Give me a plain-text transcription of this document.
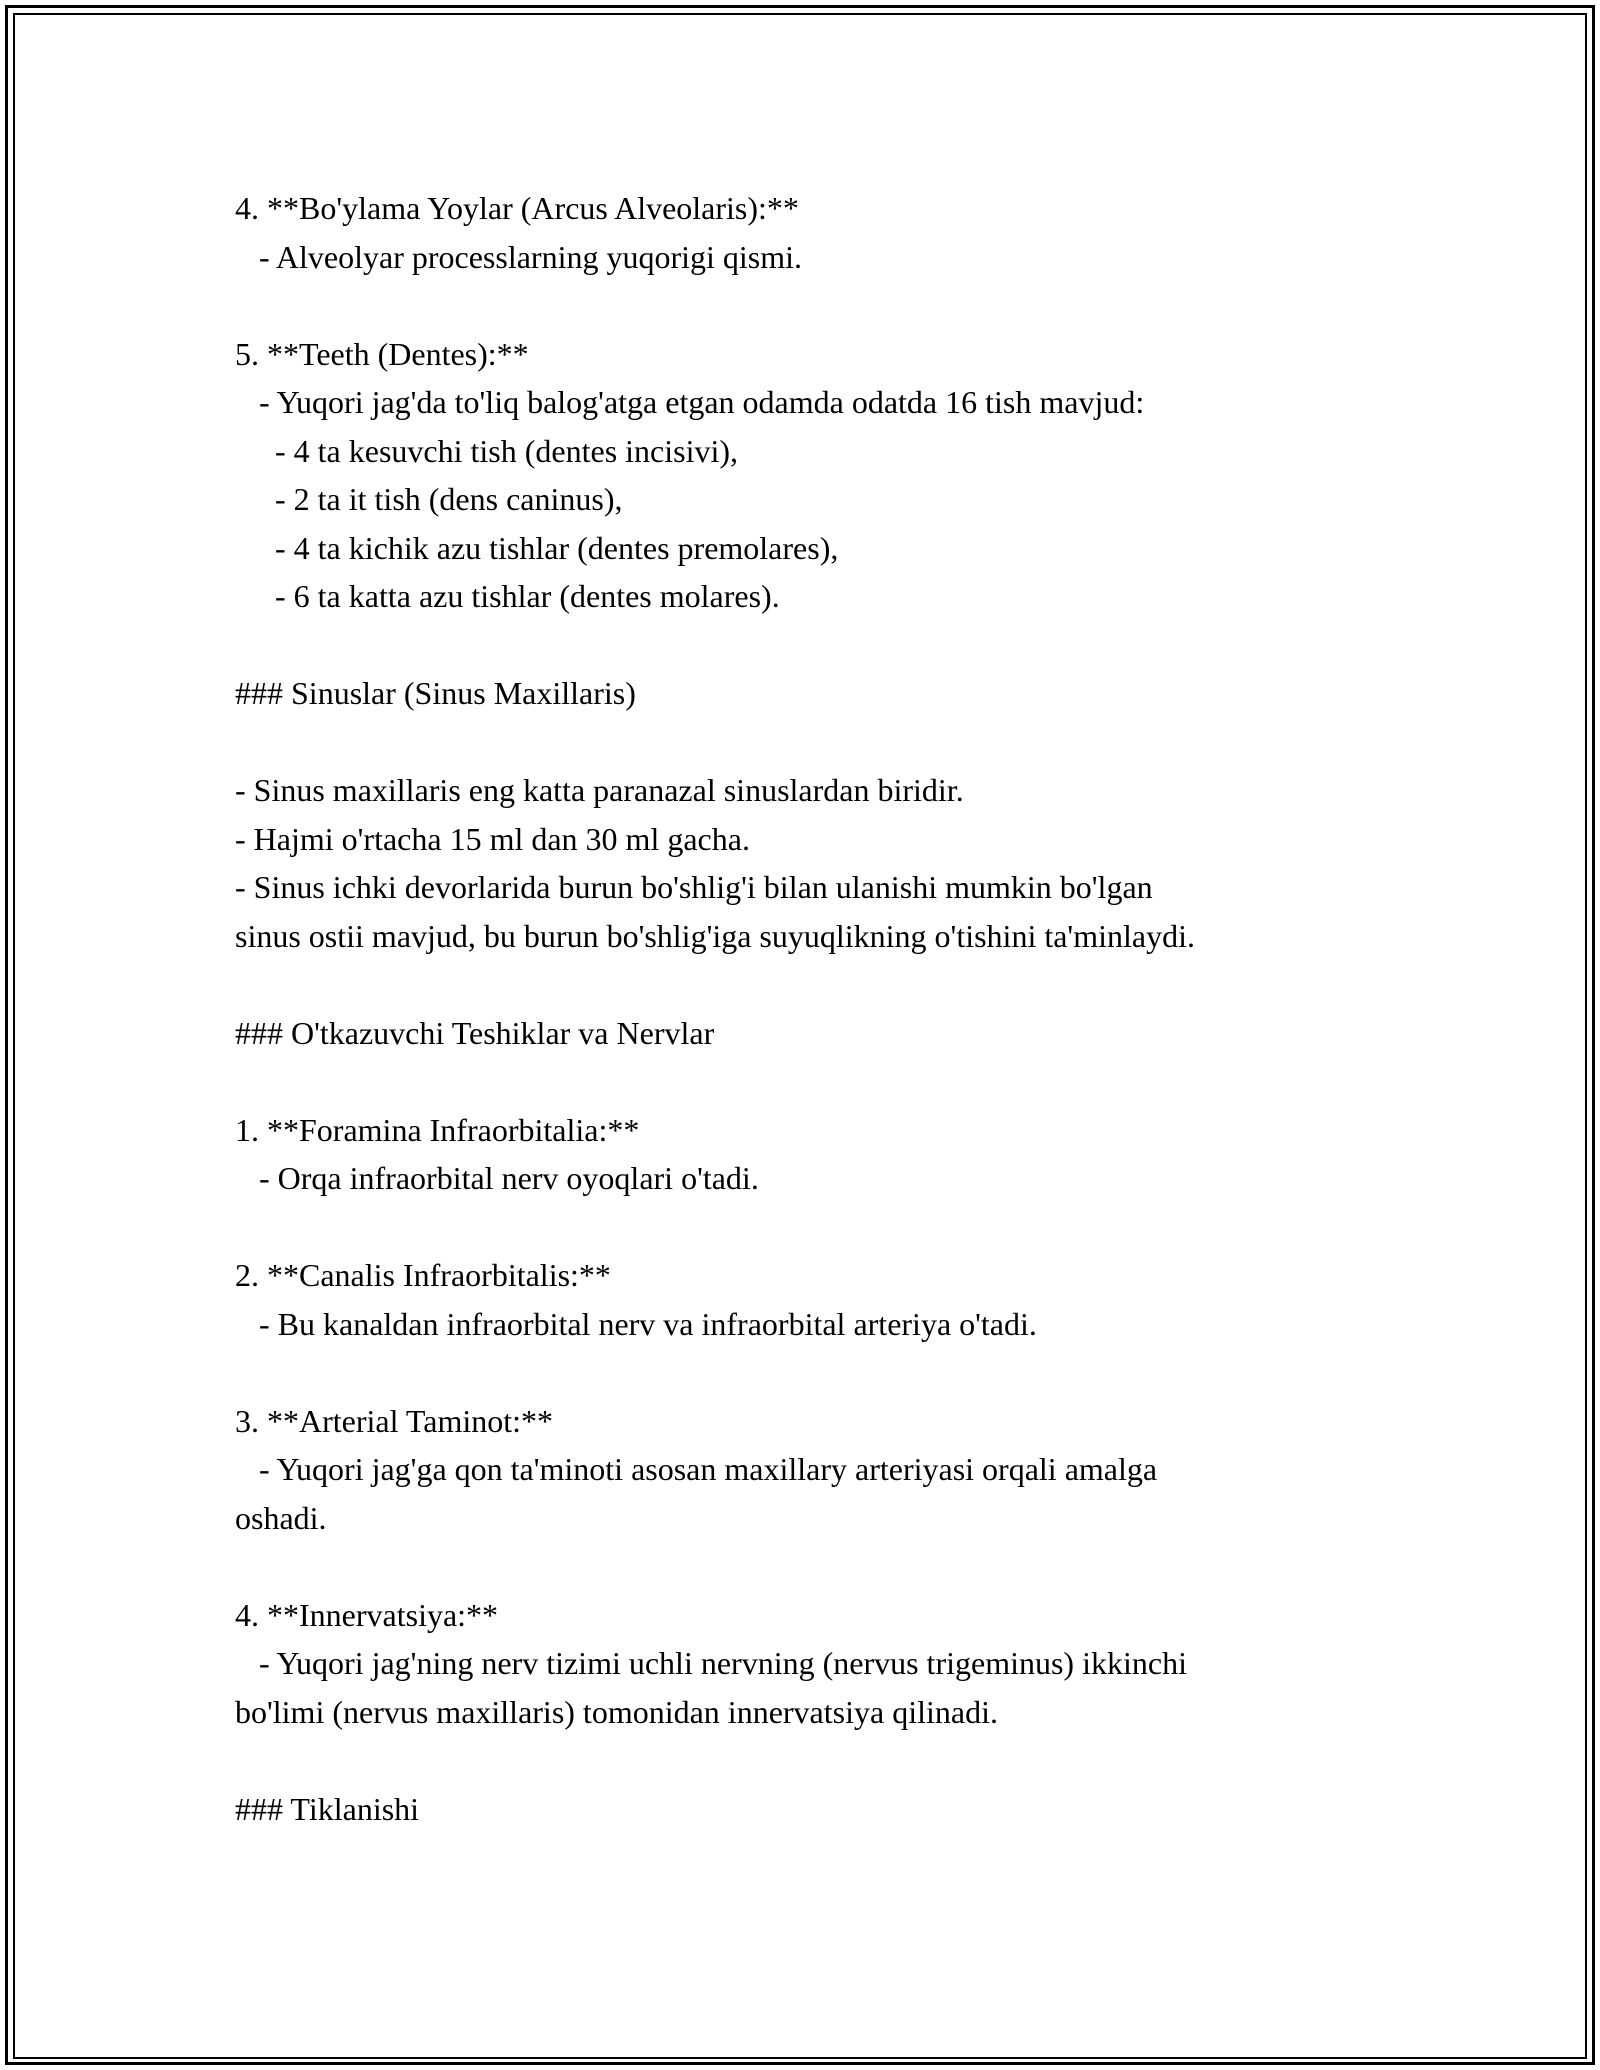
4. **Bo'ylama Yoylar (Arcus Alveolaris):**
- Alveolyar processlarning yuqorigi qismi.

5. **Teeth (Dentes):**
- Yuqori jag'da to'liq balog'atga etgan odamda odatda 16 tish mavjud:
- 4 ta kesuvchi tish (dentes incisivi),
- 2 ta it tish (dens caninus),
- 4 ta kichik azu tishlar (dentes premolares),
- 6 ta katta azu tishlar (dentes molares).

### Sinuslar (Sinus Maxillaris)

- Sinus maxillaris eng katta paranazal sinuslardan biridir.
- Hajmi o'rtacha 15 ml dan 30 ml gacha.
- Sinus ichki devorlarida burun bo'shlig'i bilan ulanishi mumkin bo'lgan
sinus ostii mavjud, bu burun bo'shlig'iga suyuqlikning o'tishini ta'minlaydi.

### O'tkazuvchi Teshiklar va Nervlar

1. **Foramina Infraorbitalia:**
- Orqa infraorbital nerv oyoqlari o'tadi.

2. **Canalis Infraorbitalis:**
- Bu kanaldan infraorbital nerv va infraorbital arteriya o'tadi.

3. **Arterial Taminot:**
- Yuqori jag'ga qon ta'minoti asosan maxillary arteriyasi orqali amalga
oshadi.

4. **Innervatsiya:**
- Yuqori jag'ning nerv tizimi uchli nervning (nervus trigeminus) ikkinchi
bo'limi (nervus maxillaris) tomonidan innervatsiya qilinadi.

### Tiklanishi
